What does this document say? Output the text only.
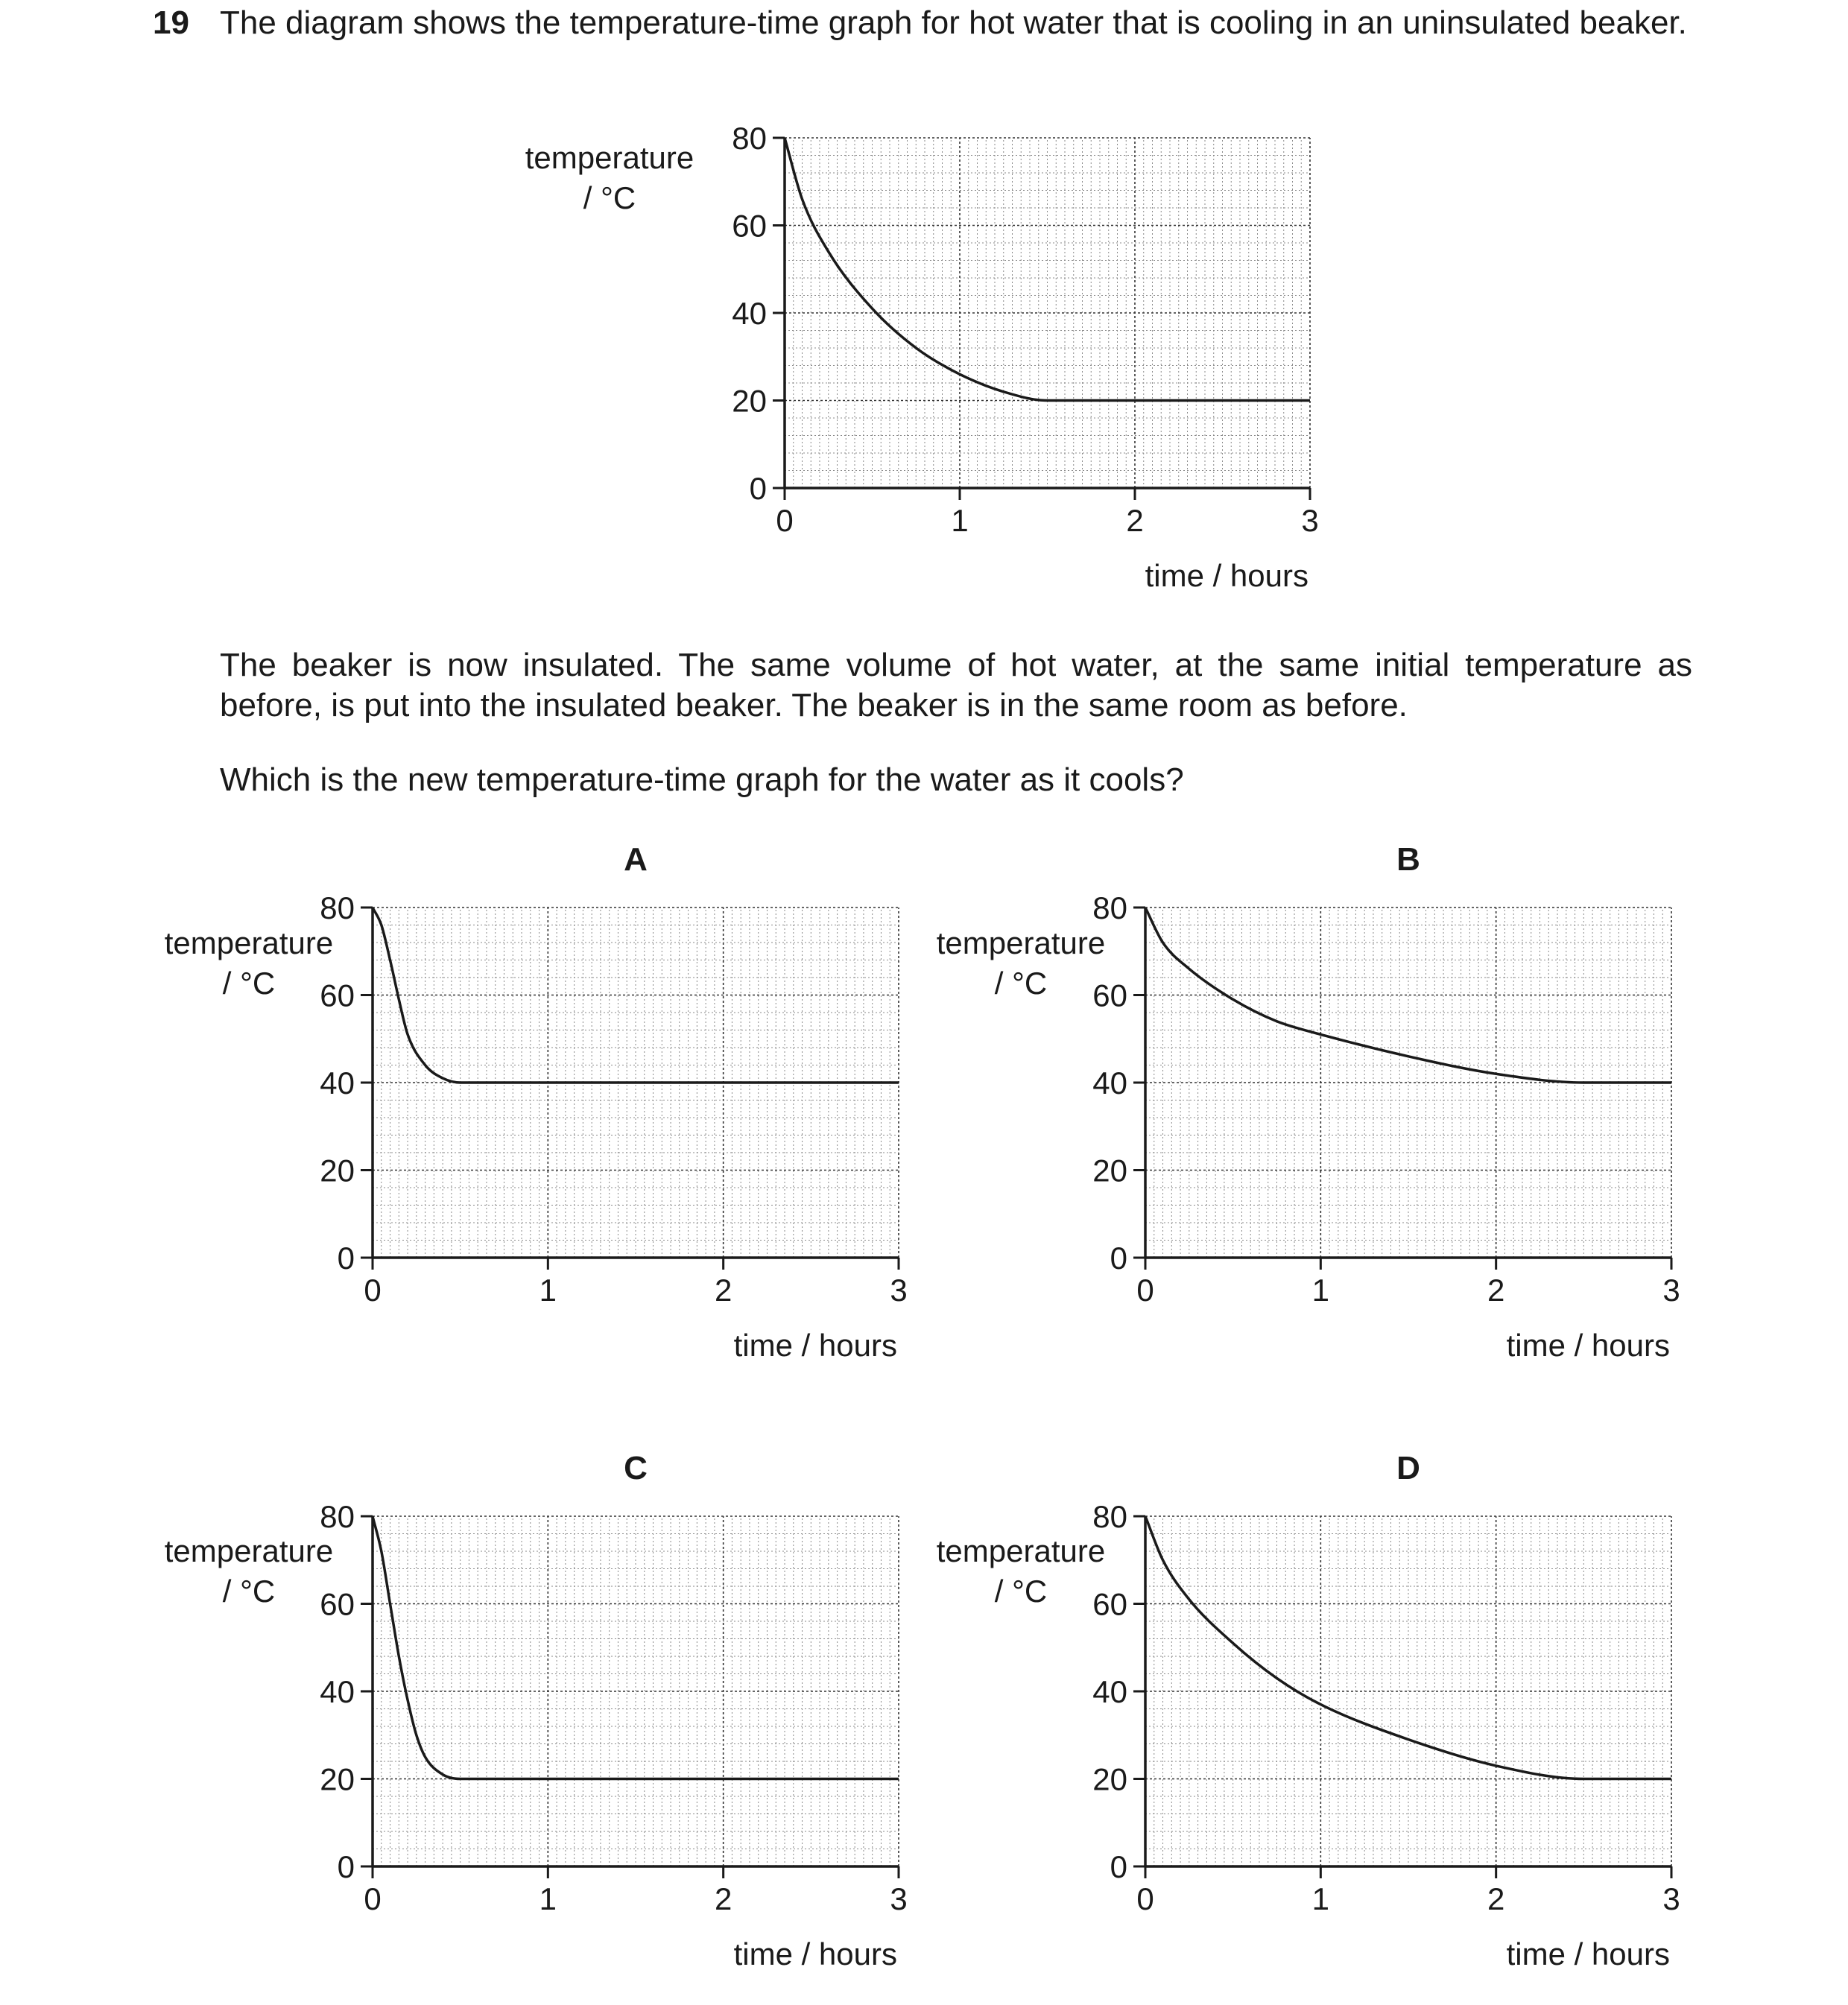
19 The diagram shows the temperature-time graph for hot water that is cooling in an uninsulated beaker.

The beaker is now insulated. The same volume of hot water, at the same initial temperature as before, is put into the insulated beaker. The beaker is in the same room as before.

Which is the new temperature-time graph for the water as it cools?

0
20
40
60
80
0	1	2	3
temperature
/ °C
time / hours
0
20
40
60
80
0	1	2	3
temperature
/ °C
time / hours
A
0
20
40
60
80
0	1	2	3
temperature
/ °C
time / hours
B
0
20
40
60
80
0	1	2	3
temperature
/ °C
time / hours
C
0
20
40
60
80
0	1	2	3
temperature
/ °C
time / hours
D
